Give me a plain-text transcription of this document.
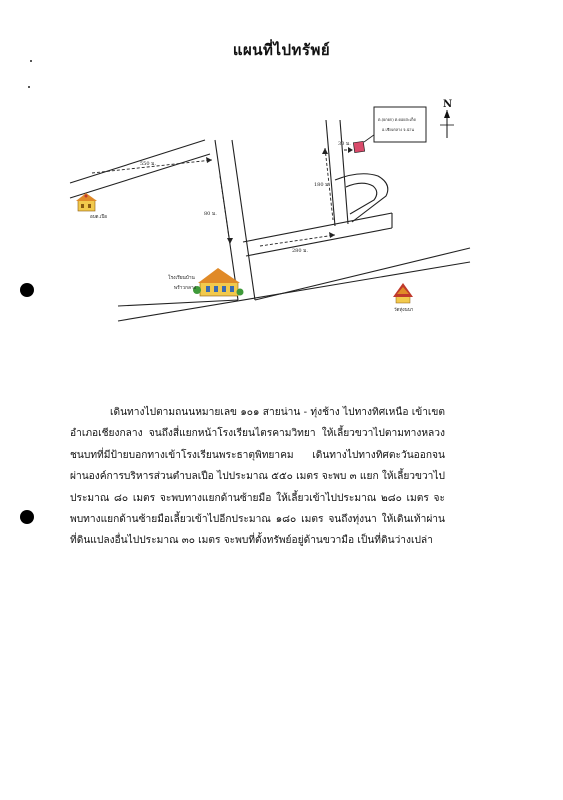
แผนที่ไปทรัพย์
550 ม.
80 ม.
280 ม.
180 ม.
30 ม.
ต.(ยกยก) ต.ดอยสะเก็ด
อ.เชียงกลาง จ.น่าน
N
อบต.เปือ
โรงเรียนบ้าน
พร้าวกลาง
วัดทุ่งนนา
เดินทางไปตามถนนหมายเลข ๑๐๑ สายน่าน - ทุ่งช้าง ไปทางทิศเหนือ เข้าเขตอำเภอเชียงกลาง จนถึงสี่แยกหน้าโรงเรียนไตรคามวิทยา ให้เลี้ยวขวาไปตามทางหลวงชนบทที่มีป้ายบอกทางเข้าโรงเรียนพระธาตุพิทยาคม เดินทางไปทางทิศตะวันออกจนผ่านองค์การบริหารส่วนตำบลเปือ ไปประมาณ ๕๕๐ เมตร จะพบ ๓ แยก ให้เลี้ยวขวาไปประมาณ ๘๐ เมตร จะพบทางแยกด้านซ้ายมือ ให้เลี้ยวเข้าไปประมาณ ๒๘๐ เมตร จะพบทางแยกด้านซ้ายมือเลี้ยวเข้าไปอีกประมาณ ๑๘๐ เมตร จนถึงทุ่งนา ให้เดินเท้าผ่านที่ดินแปลงอื่นไปประมาณ ๓๐ เมตร จะพบที่ตั้งทรัพย์อยู่ด้านขวามือ เป็นที่ดินว่างเปล่า
